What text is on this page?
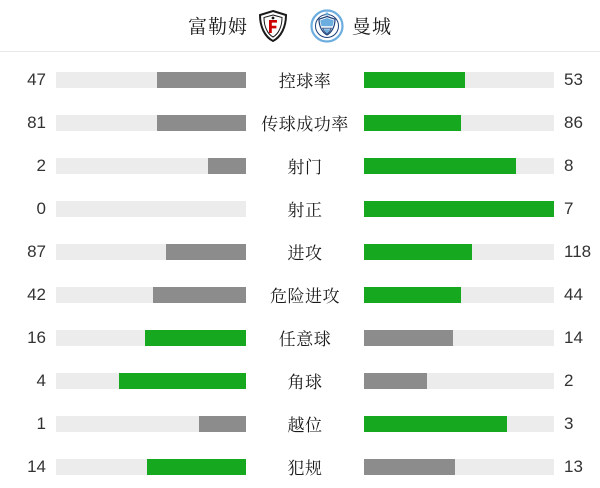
富勒姆	曼城
47	控球率	53
81	传球成功率	86
2	射门	8
0	射正	7
87	进攻	118
42	危险进攻	44
16	任意球	14
4	角球	2
1	越位	3
14	犯规	13
